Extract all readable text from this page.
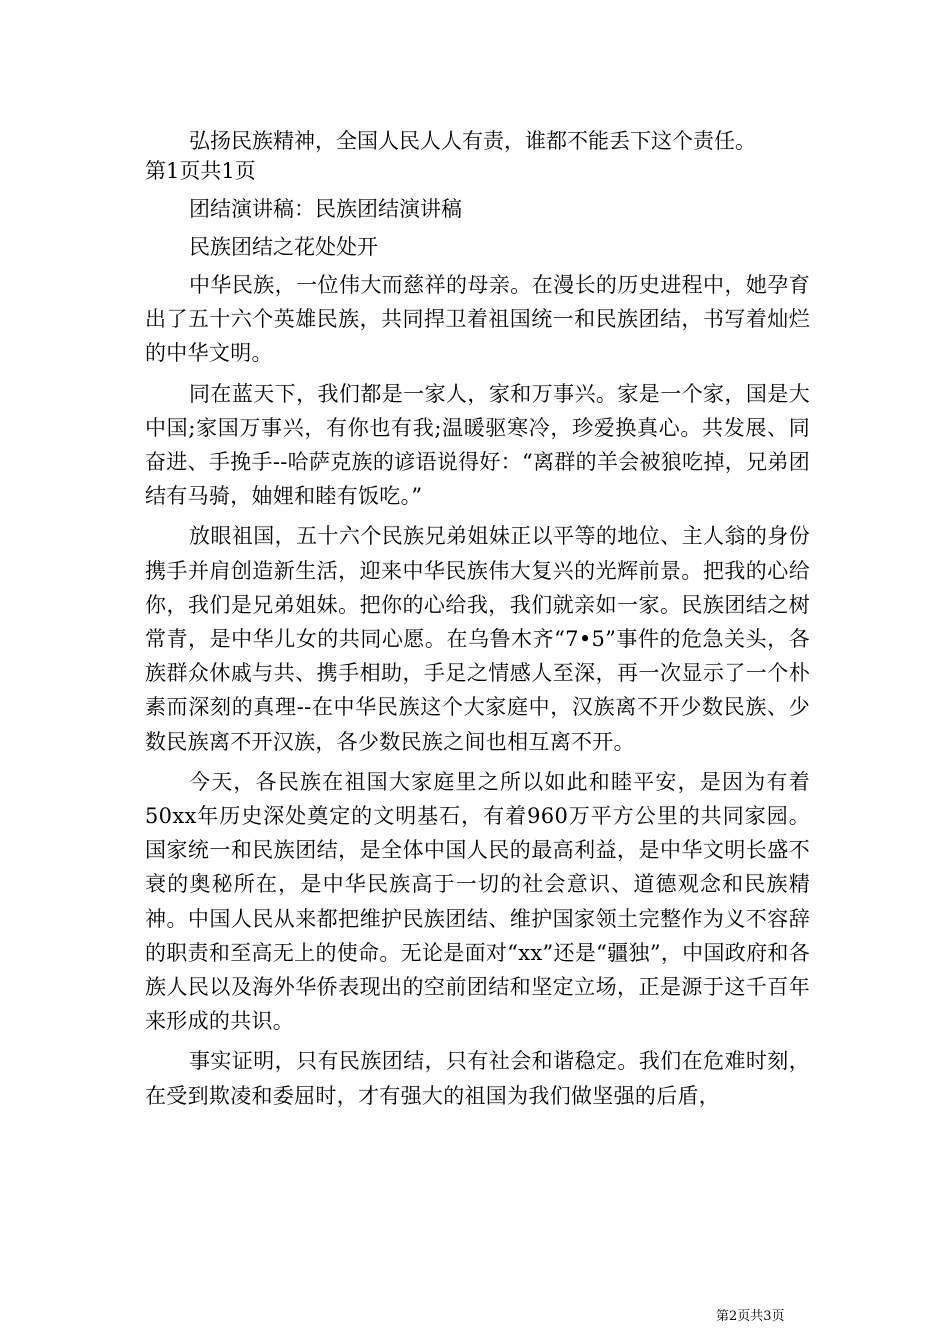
弘扬民族精神，全国人民人人有责，谁都不能丢下这个责任。

第1页共1页

团结演讲稿：民族团结演讲稿

民族团结之花处处开

中华民族，一位伟大而慈祥的母亲。在漫长的历史进程中，她孕育出了五十六个英雄民族，共同捍卫着祖国统一和民族团结，书写着灿烂的中华文明。

同在蓝天下，我们都是一家人，家和万事兴。家是一个家，国是大中国;家国万事兴，有你也有我;温暖驱寒冷，珍爱换真心。共发展、同奋进、手挽手--哈萨克族的谚语说得好：“离群的羊会被狼吃掉，兄弟团结有马骑，妯娌和睦有饭吃。”

放眼祖国，五十六个民族兄弟姐妹正以平等的地位、主人翁的身份携手并肩创造新生活，迎来中华民族伟大复兴的光辉前景。把我的心给你，我们是兄弟姐妹。把你的心给我，我们就亲如一家。民族团结之树常青，是中华儿女的共同心愿。在乌鲁木齐“7•5”事件的危急关头，各族群众休戚与共、携手相助，手足之情感人至深，再一次显示了一个朴素而深刻的真理--在中华民族这个大家庭中，汉族离不开少数民族、少数民族离不开汉族，各少数民族之间也相互离不开。

今天，各民族在祖国大家庭里之所以如此和睦平安，是因为有着50xx年历史深处奠定的文明基石，有着960万平方公里的共同家园。国家统一和民族团结，是全体中国人民的最高利益，是中华文明长盛不衰的奥秘所在，是中华民族高于一切的社会意识、道德观念和民族精神。中国人民从来都把维护民族团结、维护国家领土完整作为义不容辞的职责和至高无上的使命。无论是面对“xx”还是“疆独”，中国政府和各族人民以及海外华侨表现出的空前团结和坚定立场，正是源于这千百年来形成的共识。

事实证明，只有民族团结，只有社会和谐稳定。我们在危难时刻，在受到欺凌和委屈时，才有强大的祖国为我们做坚强的后盾，

第2页共3页
